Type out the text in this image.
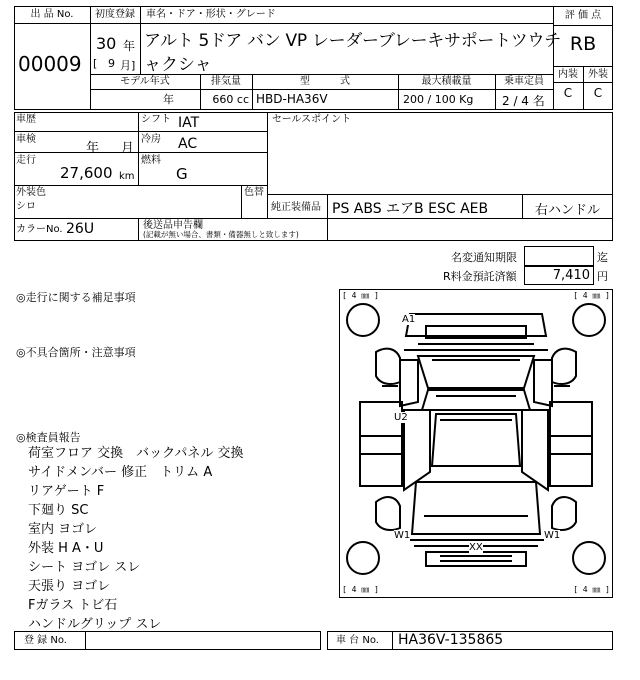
出 品 No.
00009
初度登録
30 年
[ 9 月]
車名・ドア・形状・グレード
アルト 5ドア バン VP レーダーブレーキサポートツウチ
ャクシャ
モデル年式
年
排気量
660 cc
型　　　式
HBD-HA36V
最大積載量
200 / 100 Kg
乗車定員
2 / 4 名
評 価 点
RB
内装	外装
C	C
車歴	シフト IAT
車検
年 月
冷房 AC
走行
27,600 km
燃料
G
セールスポイント
外装色
シロ
色替
純正装備品 PS ABS エアB ESC AEB	右ハンドル
カラーNo. 26U	後送品申告欄
(記載が無い場合、書類・備器無しと致します)
名変通知期限	迄
R料金預託済額	7,410 円
◎走行に関する補足事項
◎不具合箇所・注意事項
◎検査員報告
荷室フロア 交換　バックパネル 交換
サイドメンバー 修正　トリム A
リアゲート F
下廻り SC
室内 ヨゴレ
外装 H A・U
シート ヨゴレ スレ
天張り ヨゴレ
Fガラス トビ石
ハンドルグリップ スレ
[ 4 ㎜ ]	[ 4 ㎜ ]
[ 4 ㎜ ]	[ 4 ㎜ ]
A1
U2
W1	W1
XX
登 録 No.	車 台 No. HA36V-135865
